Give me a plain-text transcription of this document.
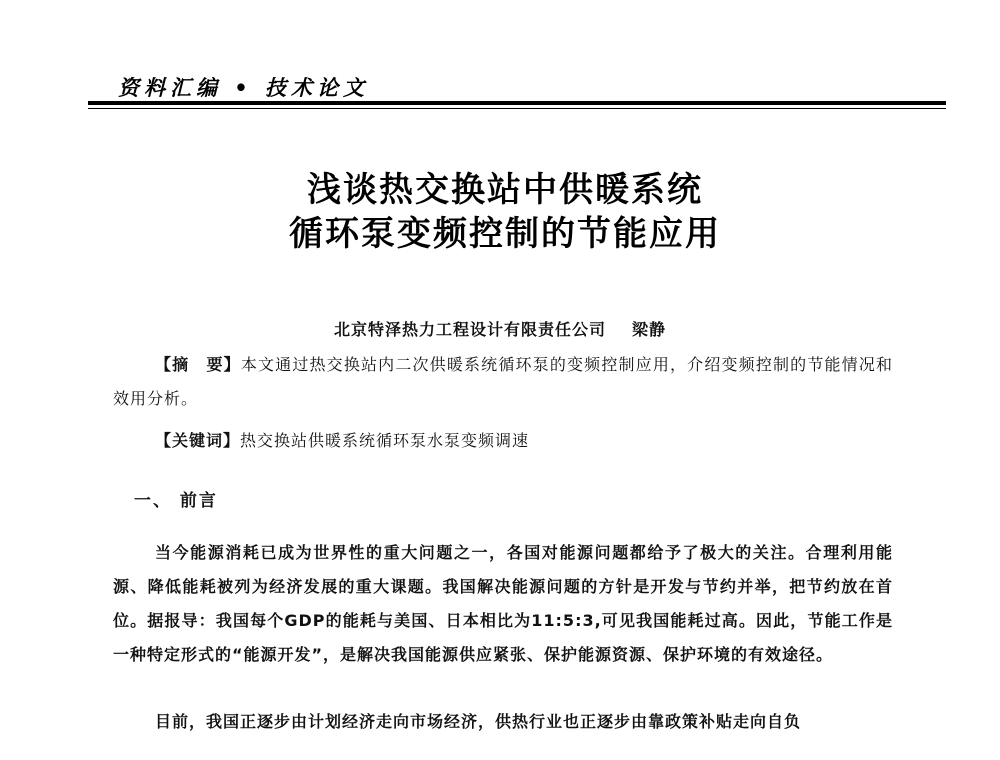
资料汇编 • 技术论文
浅谈热交换站中供暖系统
循环泵变频控制的节能应用
北京特泽热力工程设计有限责任公司 梁静
【摘　要】本文通过热交换站内二次供暖系统循环泵的变频控制应用，介绍变频控制的节能情况和效用分析。
【关键词】热交换站供暖系统循环泵水泵变频调速
一、 前言
当今能源消耗已成为世界性的重大问题之一，各国对能源问题都给予了极大的关注。合理利用能源、降低能耗被列为经济发展的重大课题。我国解决能源问题的方针是开发与节约并举，把节约放在首位。据报导：我国每个GDP的能耗与美国、日本相比为11:5:3,可见我国能耗过高。因此，节能工作是一种特定形式的“能源开发”，是解决我国能源供应紧张、保护能源资源、保护环境的有效途径。
目前，我国正逐步由计划经济走向市场经济，供热行业也正逐步由靠政策补贴走向自负
